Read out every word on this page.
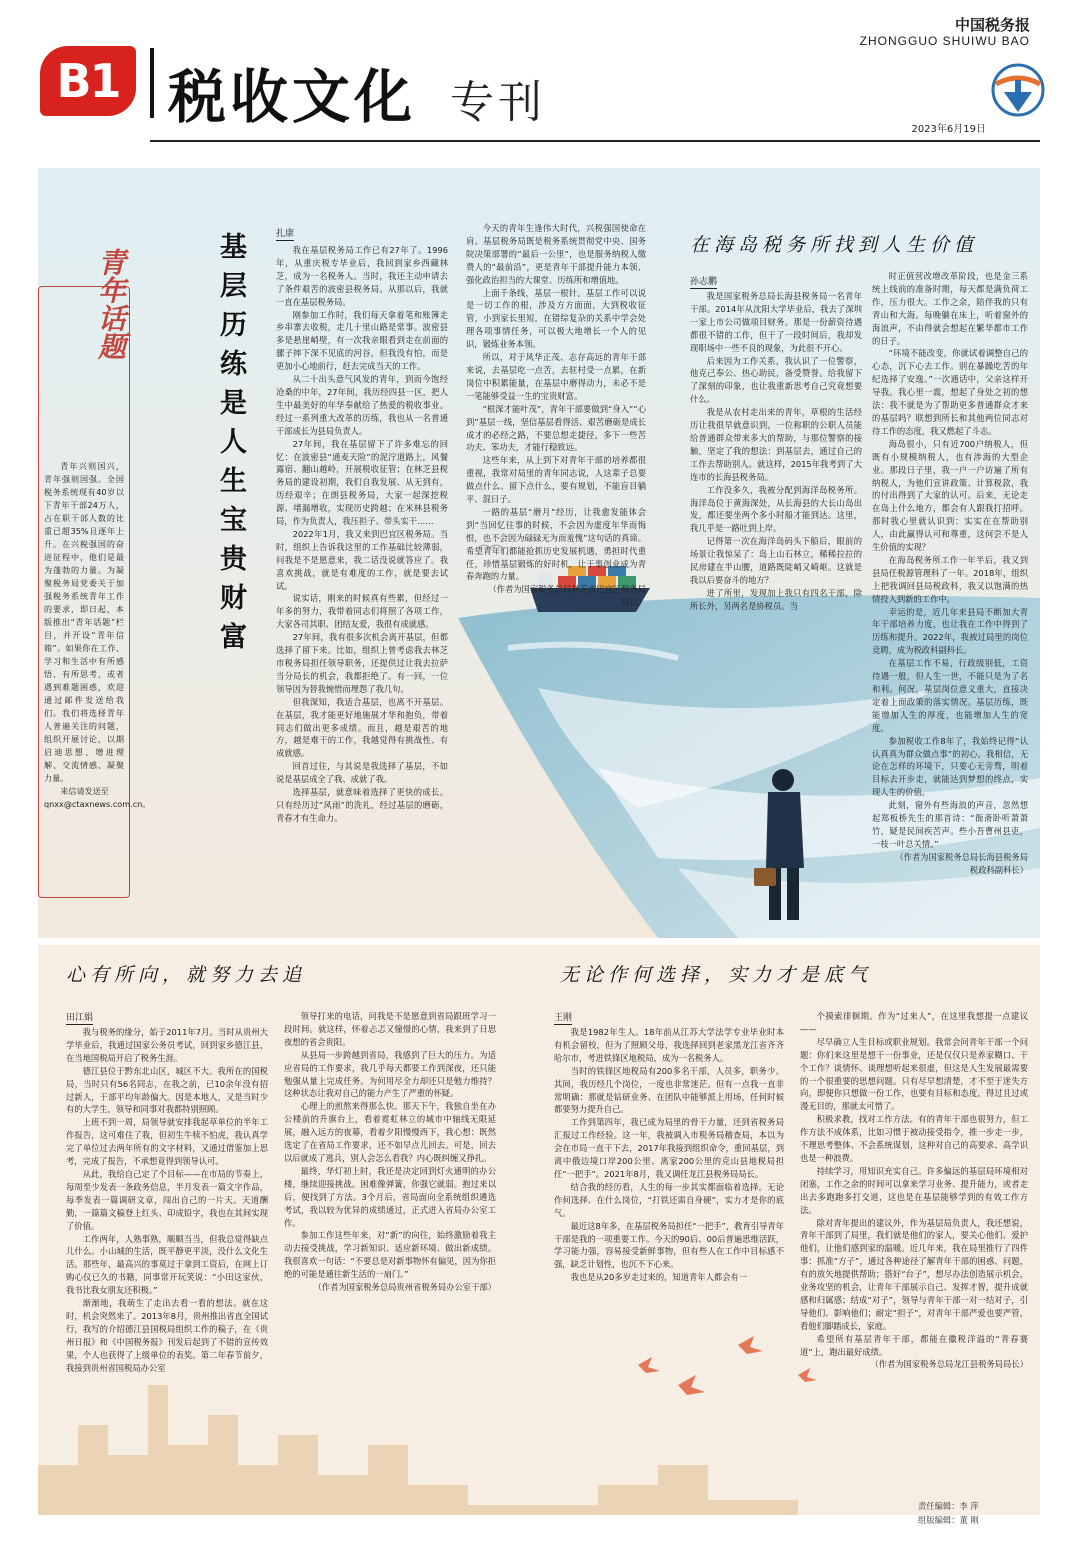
B1 税收文化 专刊
中国税务报
ZHONGGUO SHUIWU BAO
2023年6月19日
青年话题

青年兴则国兴，青年强则国强。全国税务系统现有40岁以下青年干部24万人，占在职干部人数的比重已超35%且逐年上升。在兴税强国的奋进征程中，他们是最为蓬勃的力量。为凝聚税务局党委关于加强税务系统青年工作的要求，即日起，本版推出“青年话题”栏目，并开设“青年信箱”。如果你在工作、学习和生活中有所感悟、有所思考，或者遇到难题困惑，欢迎通过邮件发送给我们。我们将选择青年人普遍关注的问题，组织开展讨论，以期启迪思想、增进理解、交流情感、凝聚力量。

来信请发送至

qnxx@ctaxnews.com.cn。

基层历练是人生宝贵财富	扎康

我在基层税务局工作已有27年了。1996年，从重庆税专毕业后，我回到家乡西藏林芝，成为一名税务人。当时，我还主动申请去了条件艰苦的波密县税务局。从那以后，我就一直在基层税务局。

刚参加工作时，我们每天拿着笔和账簿走乡串寨去收税，走几十里山路是常事。波密县多是悬崖峭壁，有一次我亲眼看到走在前面的骡子摔下深不见底的河谷，但我没有怕，而是更加小心地前行，赶去完成当天的工作。

从二十出头意气风发的青年，到而今饱经沧桑的中年，27年间，我历经四县一区，把人生中最美好的年华奉献给了热爱的税收事业。经过一系列重大改革的历练，我也从一名普通干部成长为县局负责人。

27年间，我在基层留下了许多难忘的回忆：在波密县“通麦天险”的泥泞道路上，风餐露宿、翻山越岭，开展税收征管；在林芝县税务局的建设初期，我们自我发展、从无到有，历经艰辛；在朗县税务局，大家一起深挖税源、堵漏增收，实现历史跨越；在米林县税务局，作为负责人，我压担子、带头实干……

2022年1月，我又来到巴宜区税务局。当时，组织上告诉我这里的工作基础比较薄弱，问我是不是愿意来，我二话没说就答应了。我喜欢挑战，就是有难度的工作，就是要去试试。

说实话，刚来的时候真有些累，但经过一年多的努力，我带着同志们将照了各项工作，大家各司其职、团结友爱，我很有成就感。

27年间，我有很多次机会离开基层，但都选择了留下来。比如，组织上曾考虑我去林芝市税务局担任领导职务，还提供过让我去拉萨当分局长的机会，我都拒绝了。有一回，一位领导因为替我惋惜而埋怨了我几句。

但我深知，我适合基层，也离不开基层。在基层，我才能更好地施展才华和抱负，带着同志们做出更多成绩。而且，越是艰苦的地方，越是难干的工作，我越觉得有挑战性、有成就感。

回首过往，与其说是我选择了基层，不如说是基层成全了我、成就了我。

选择基层，就意味着选择了更快的成长。只有经历过“风雨”的洗礼，经过基层的磨砺，青春才有生命力。

今天的青年生逢伟大时代，兴税强国使命在肩。基层税务局既是税务系统贯彻党中央、国务院决策部署的“最后一公里”，也是服务纳税人缴费人的“最前沿”，更是青年干部提升能力本领、强化政治担当的大课堂、历练所和增值地。

上面千条线，基层一根针。基层工作可以说是一切工作的根，涉及方方面面，大到税收征管，小到家长里短，在错综复杂的关系中学会处理各项事情任务，可以极大地增长一个人的见识，锻炼业务本领。

所以，对于风华正茂、志存高远的青年干部来说，去基层吃一点苦，去驻村受一点累，在新岗位中积累能量，在基层中磨得动力，未必不是一笔能够受益一生的宝贵财富。

“根深才能叶茂”，青年干部要做到“身入”“心到”基层一线，坚信基层看得活、艰苦磨砺是成长成才的必经之路，不要总想走捷径，多下一些苦功夫、笨功夫，才能行稳致远。

这些年来，从上到下对青年干部的培养都很重视，我常对局里的青年同志说，人这辈子总要做点什么、留下点什么，要有规划，不能盲目躺平、混日子。

一路的基层“磨月”经历，让我愈发能体会到“当回忆往事的时候，不会因为虚度年华而悔恨，也不会因为碌碌无为而羞愧”这句话的真谛。希望青年们都能抢抓历史发展机遇，勇担时代重任，珍惜基层锻炼的好时机，让干事创业成为青春奔跑的力量。

（作者为国家税务总局林芝市巴宜区税务局局长）

在海岛税务所找到人生价值
孙志鹏

我是国家税务总局长海县税务局一名青年干部。2014年从沈阳大学毕业后，我去了深圳一家上市公司做项目财务。那是一份薪资待遇都很不错的工作，但干了一段时间后，我却发现职场中一些不良的现象，为此很不开心。

后来因为工作关系，我认识了一位警察，他克己奉公、热心助民，备受赞誉。给我留下了深刻的印象，也让我重新思考自己究竟想要什么。

我是从农村走出来的青年，草根的生活经历让我很早就意识到，一位称职的公职人员能给普通群众带来多大的帮助，与那位警察的接触，坚定了我的想法：到基层去，通过自己的工作去帮助别人。就这样，2015年我考到了大连市的长海县税务局。

工作没多久，我被分配到海洋岛税务所。海洋岛位于黄海深处，从长海县的大长山岛出发，都还要坐两个多小时船才能到达。这里，我几乎是一路吐到上岸。

记得第一次在海洋岛码头下船后，眼前的场景让我惊呆了：岛上山石林立，稀稀拉拉的民房建在半山腰，道路既陡峭又崎岖。这就是我以后要奋斗的地方？

进了所里，发现加上我只有四名干部，除所长外，另两名是协税员。当

时正值营改增改革阶段，也是金三系统上线前的准备时期，每天都是满负荷工作，压力很大。工作之余，陪伴我的只有青山和大海。每晚躺在床上，听着窗外的海浪声，不由得就会想起在繁华都市工作的日子。

“环境不能改变，你就试着调整自己的心态，沉下心去工作。别在暴躁吃苦的年纪选择了安逸。”一次通话中，父亲这样开导我。我心里一震，想起了身处之初的想法：我不就是为了帮助更多普通群众才来的基层吗？联想到所长和其他两位同志对待工作的态度，我又燃起了斗志。

海岛很小，只有近700户纳税人，但既有小规模纳税人，也有涉海的大型企业。那段日子里，我一户一户访遍了所有纳税人，为他们宣讲政策、计算税款，我的付出得到了大家的认可。后来，无论走在岛上什么地方，都会有人跟我打招呼。那时我心里就认识到：实实在在帮助别人，由此赢得认可和尊重，这何尝不是人生价值的实现？

在海岛税务所工作一年半后，我又到县局任税源管理科了一年。2018年，组织上把我调回县局税政科，我又以饱满的热情投入到新的工作中。

幸运的是，近几年来县局不断加大青年干部培养力度，也让我在工作中得到了历练和提升。2022年，我被过局里的岗位竞聘，成为税政科副科长。

在基层工作不易，行政级别低，工资待遇一般，但人生一世，不能只是为了名和利。何况，基层岗位意义重大，直接决定着上面政策的落实情况。基层历练，既能增加人生的厚度，也能增加人生的宽度。

参加税收工作8年了，我始终记得“认认真真为群众做点事”的初心。我相信，无论在怎样的环境下，只要心无旁骛，明着目标去开步走，就能达到梦想的终点，实现人生的价值。

此刻，窗外有些海浪的声音，忽然想起郑板桥先生的那首诗：“衙斋卧听萧萧竹，疑是民间疾苦声。些小吾曹州县吏，一枝一叶总关情。”

（作者为国家税务总局长海县税务局税政科副科长）

心有所向，就努力去追
田江娟

我与税务的缘分，始于2011年7月。当时从贵州大学毕业后，我通过国家公务员考试，回到家乡德江县，在当地国税局开启了税务生涯。

德江县位于黔东北山区，城区不大。我所在的国税局，当时只有56名同志，在我之前，已10余年没有招过新人，干部平均年龄偏大。因是本地人，又是当时少有的大学生，领导和同事对我都特别照顾。

上班不到一周，局领导就安排我起草单位的半年工作报告，这可难住了我，但初生牛犊不怕虎，我认真学完了单位过去两年所有的文字材料，又通过借鉴加上思考，完成了报告，不承想竟得到领导认可。

从此，我给自己定了个目标——在市局的节奏上，每周至少发表一条政务信息，半月发表一篇文字作品，每季发表一篇调研文章，闯出自己的一片天。天道酬勤，一篇篇文稿登上红头、印成铅字，我也在其间实现了价值。

工作两年，人熟事熟，顺顺当当，但我总觉得缺点儿什么。小山城的生活，既平静更平淡，没什么文化生活。那些年，最高兴的事莫过于拿到工资后，在网上订购心仪已久的书籍，同事常开玩笑说：“小田这家伙，我书比我女朋友还积极。”

渐渐地，我萌生了走出去看一看的想法。就在这时，机会突然来了。2013年8月，贵州推出省直全国试行，我写的介绍德江县国税局组织工作的稿子，在《贵州日报》和《中国税务报》刊发后起到了不错的宣传效果，个人也获得了上级单位的表奖。第二年春节前夕，我接到贵州省国税局办公室

领导打来的电话，问我是不是愿意到省局跟班学习一段时间。就这样，怀着忐忑又憧憬的心情，我来到了日思夜想的省会贵阳。

从县局一步跨越到省局，我感到了巨大的压力。为适应省局的工作要求，我几乎每天都要工作到深夜，还只能勉强从量上完成任务。为何用尽全力却还只是勉力维持？这种状态让我对自己的能力产生了严重的怀疑。

心理上的煎熬来得那么快。那天下午，我独自坐在办公楼前的升旗台上，看着霓虹林立的城市中轴线无限延展，融入远方的夜幕，看着夕阳慢慢西下，我心想：既然选定了在省局工作要求，还不如早点儿回去。可是，回去以后就成了逃兵，别人会怎么看我？内心既纠缠又挣扎。

最终，华灯初上时，我还是决定回到灯火通明的办公楼，继续迎接挑战。困难像弹簧，你强它就弱。抱过来以后，便找到了方法。3个月后，省局面向全系统组织遴选考试，我以较为优异的成绩通过，正式进入省局办公室工作。

参加工作这些年来，对“新”的向往，始终激励着我主动去接受挑战，学习新知识、适应新环境、做出新成绩。我很喜欢一句话：“不要总是对新事物怀有偏见，因为你拒绝的可能是通往新生活的一扇门。”

（作者为国家税务总局贵州省税务局办公室干部）

无论作何选择，实力才是底气
王刚

我是1982年生人。18年前从江苏大学法学专业毕业时本有机会留校，但为了照顾父母，我选择回到老家黑龙江省齐齐哈尔市，考进铁锋区地税局，成为一名税务人。

当时的铁锋区地税局有200多名干部，人员多，职务少。其间，我历经几个岗位，一度也非常迷茫。但有一点我一直非常明确：那就是钻研业务、在团队中能够派上用场，任何时候都要努力提升自己。

工作到第四年，我已成为局里的骨干力量，还到省税务局汇报过工作经验。这一年，我被调入市税务局稽查局，本以为会在市局一直干下去，2017年我接到组织命令，重回基层，到离中俄边境口岸200公里、离家200公里的克山县地税局担任“一把手”。2021年8月，我又调任龙江县税务局局长。

结合我的经历看，人生的每一步其实都面临着选择。无论作何选择、在什么岗位，“打铁还需自身硬”，实力才是你的底气。

最近这8年多，在基层税务局担任“一把手”，教育引导青年干部是我的一项重要工作。今天的90后、00后普遍思维活跃，学习能力强，容易接受新鲜事物，但有些人在工作中目标感不强，缺乏计划性，也沉不下心来。

我也是从20多岁走过来的，知道青年人都会有一

个摸索徘徊期。作为“过来人”，在这里我想提一点建议——

尽早确立人生目标或职业规划。我常会问青年干部一个问题：你们来这里是想干一份事业，还是仅仅只是养家糊口、干个工作？谈情怀、谈理想听起来很虚，但这是人生发展最需要的一个很重要的思想问题。只有尽早想清楚，才不至于迷失方向，即便你只想做一份工作，也要有目标和态度，得过且过或漫无目的，那就太可惜了。

积极求教，找对工作方法。有的青年干部也很努力，但工作方法不成体系，比如习惯于被动接受指令，推一步走一步，不理思考整体、不会系统谋划，这种对自己的高要求、高学识也是一种浪费。

持续学习，用知识充实自己。许多偏远的基层局环境相对闭塞，工作之余的时间可以拿来学习业务、提升能力，或者走出去多跑跑多打交道，这也是在基层能够学到的有效工作方法。

除对青年提出的建议外，作为基层局负责人，我还想说，青年干部到了局里，我们就是他们的家人，要关心他们、爱护他们，让他们感到家的温暖。近几年来，我在局里推行了四件事：抓准“方子”，通过各种途径了解青年干部的困惑、问题，有的放矢地提供帮助；搭好“台子”，想尽办法创造展示机会，业务攻坚的机会，让青年干部展示自己、发挥才智，提升成就感和归属感；结成“对子”，领导与青年干部一对一结对子，引导他们、影响他们；耐定“担子”，对青年干部严爱也要严管，看他们脚踏成长，家庭。

希望所有基层青年干部，都能在徽税洋溢的“青春赛道”上，跑出最好成绩。

（作者为国家税务总局龙江县税务局局长）

责任编辑：李 萍
组版编辑：董 刚
